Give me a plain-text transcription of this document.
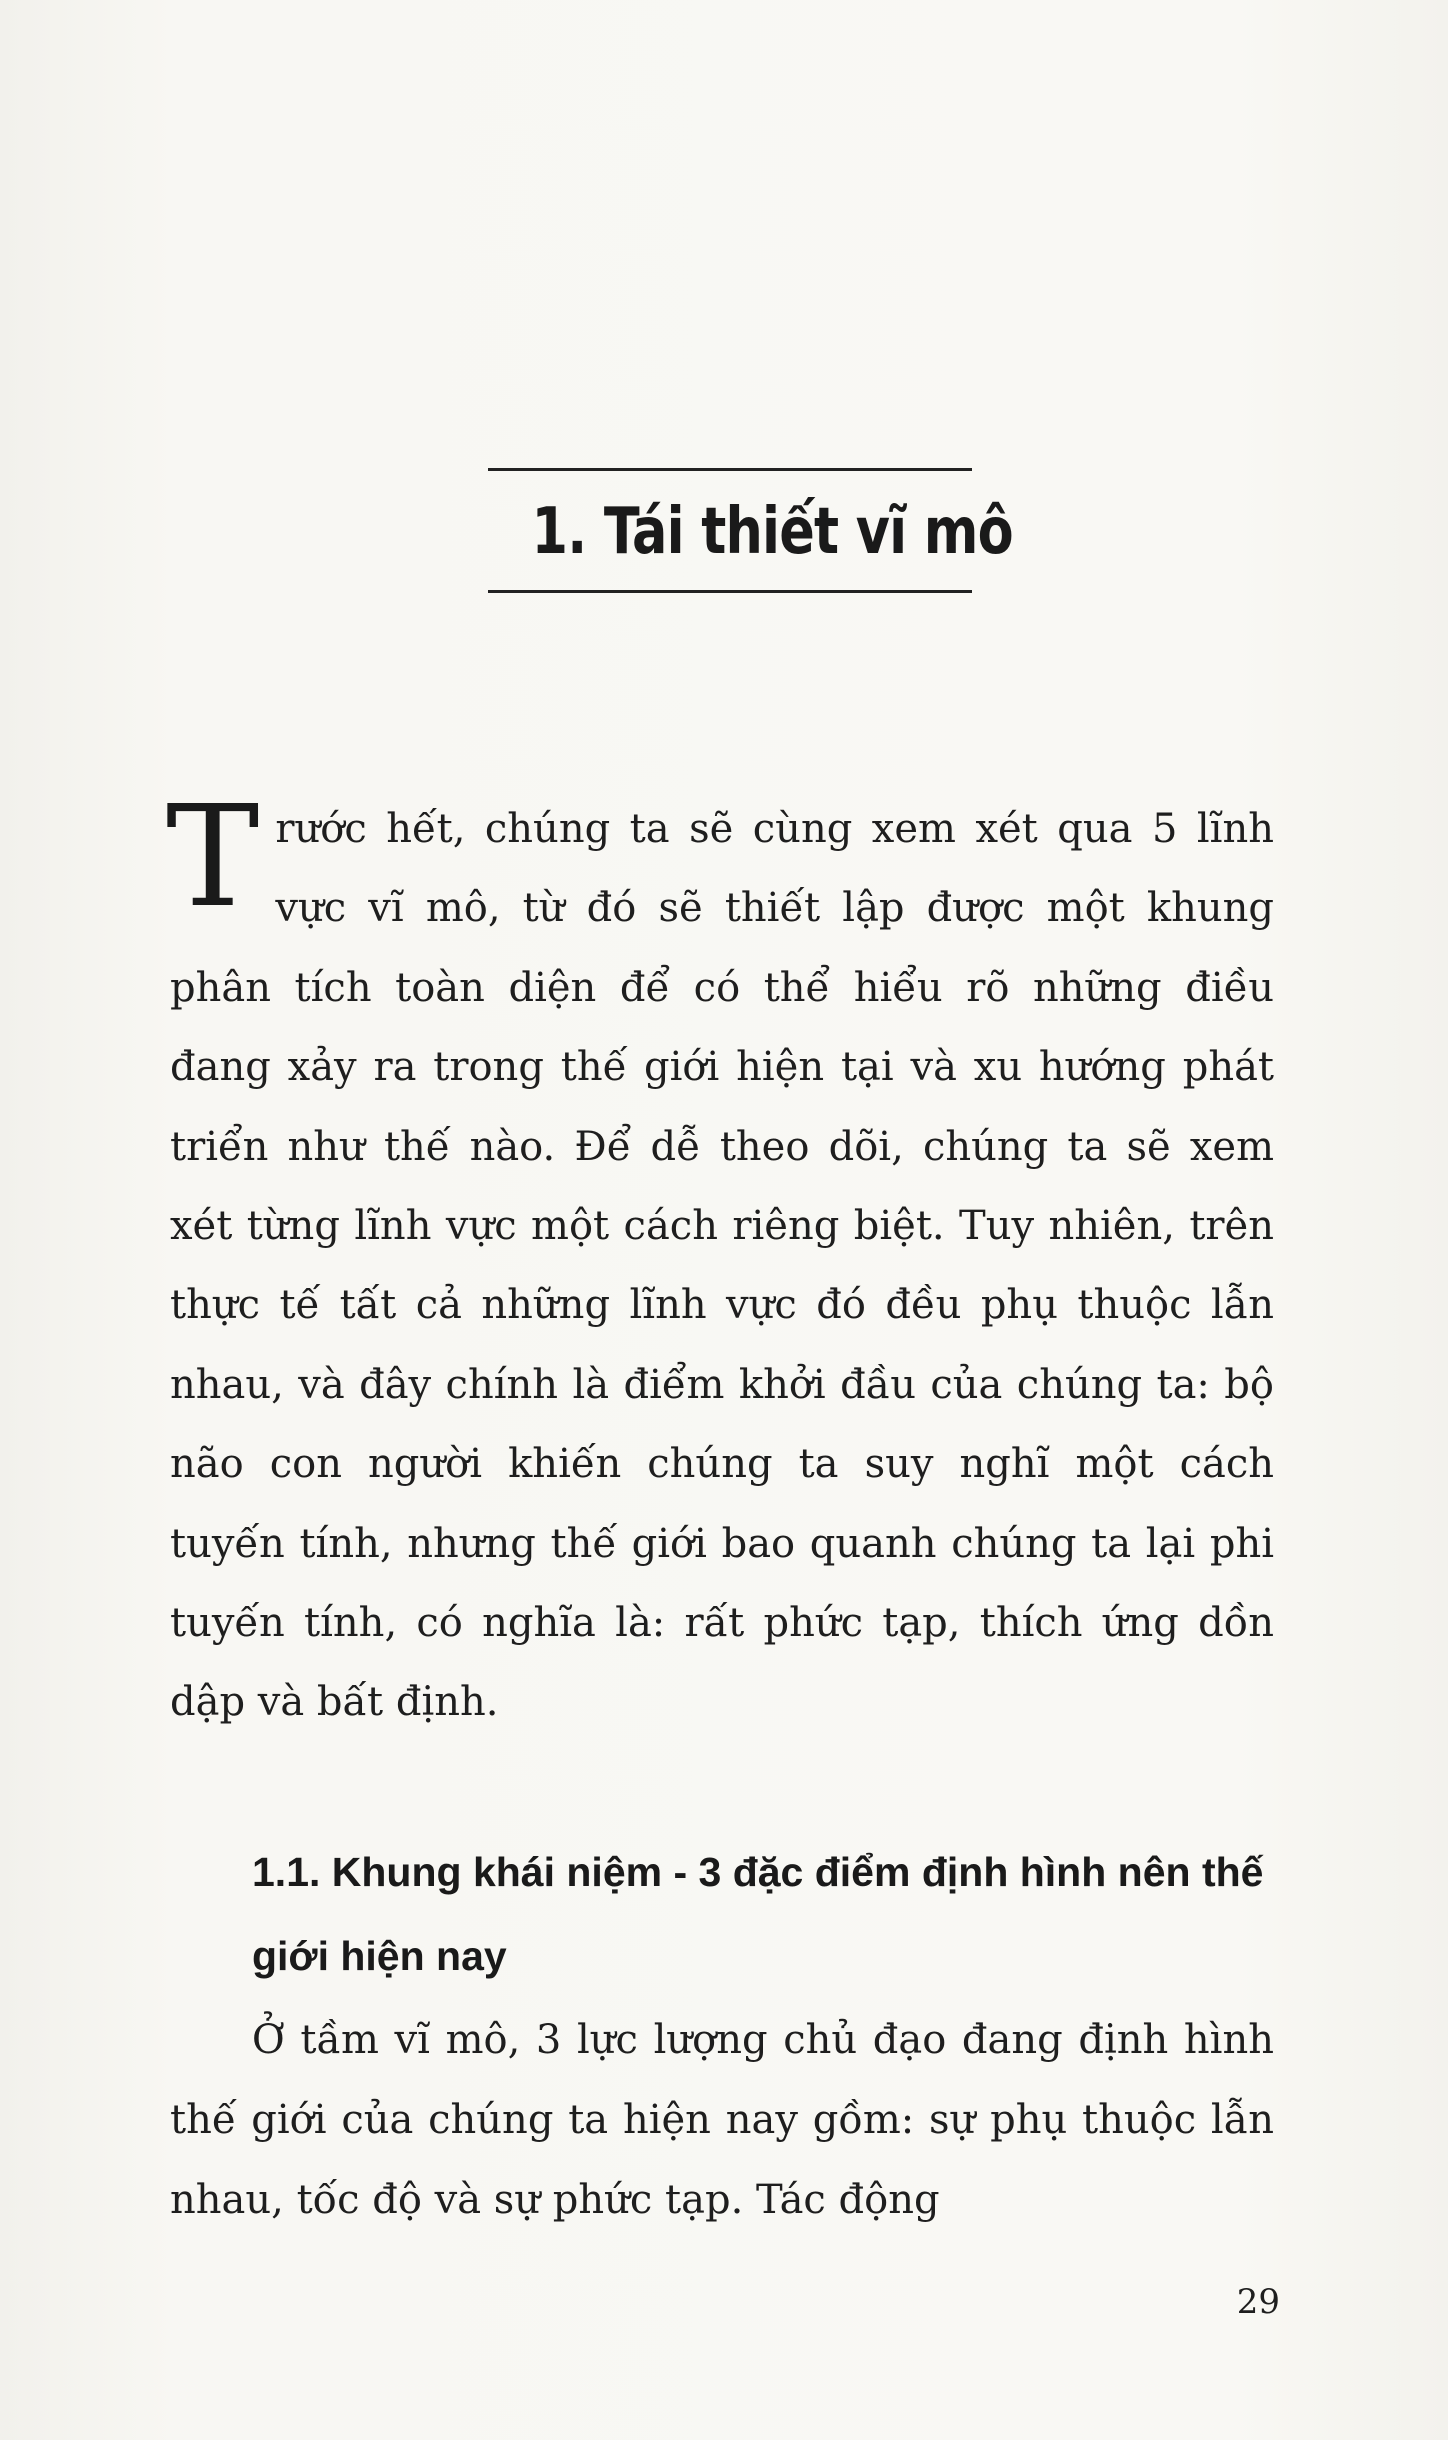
1. Tái thiết vĩ mô

Trước hết, chúng ta sẽ cùng xem xét qua 5 lĩnh vực vĩ mô, từ đó sẽ thiết lập được một khung phân tích toàn diện để có thể hiểu rõ những điều đang xảy ra trong thế giới hiện tại và xu hướng phát triển như thế nào. Để dễ theo dõi, chúng ta sẽ xem xét từng lĩnh vực một cách riêng biệt. Tuy nhiên, trên thực tế tất cả những lĩnh vực đó đều phụ thuộc lẫn nhau, và đây chính là điểm khởi đầu của chúng ta: bộ não con người khiến chúng ta suy nghĩ một cách tuyến tính, nhưng thế giới bao quanh chúng ta lại phi tuyến tính, có nghĩa là: rất phức tạp, thích ứng dồn dập và bất định.

1.1. Khung khái niệm - 3 đặc điểm định hình nên thế giới hiện nay

Ở tầm vĩ mô, 3 lực lượng chủ đạo đang định hình thế giới của chúng ta hiện nay gồm: sự phụ thuộc lẫn nhau, tốc độ và sự phức tạp. Tác động

29
